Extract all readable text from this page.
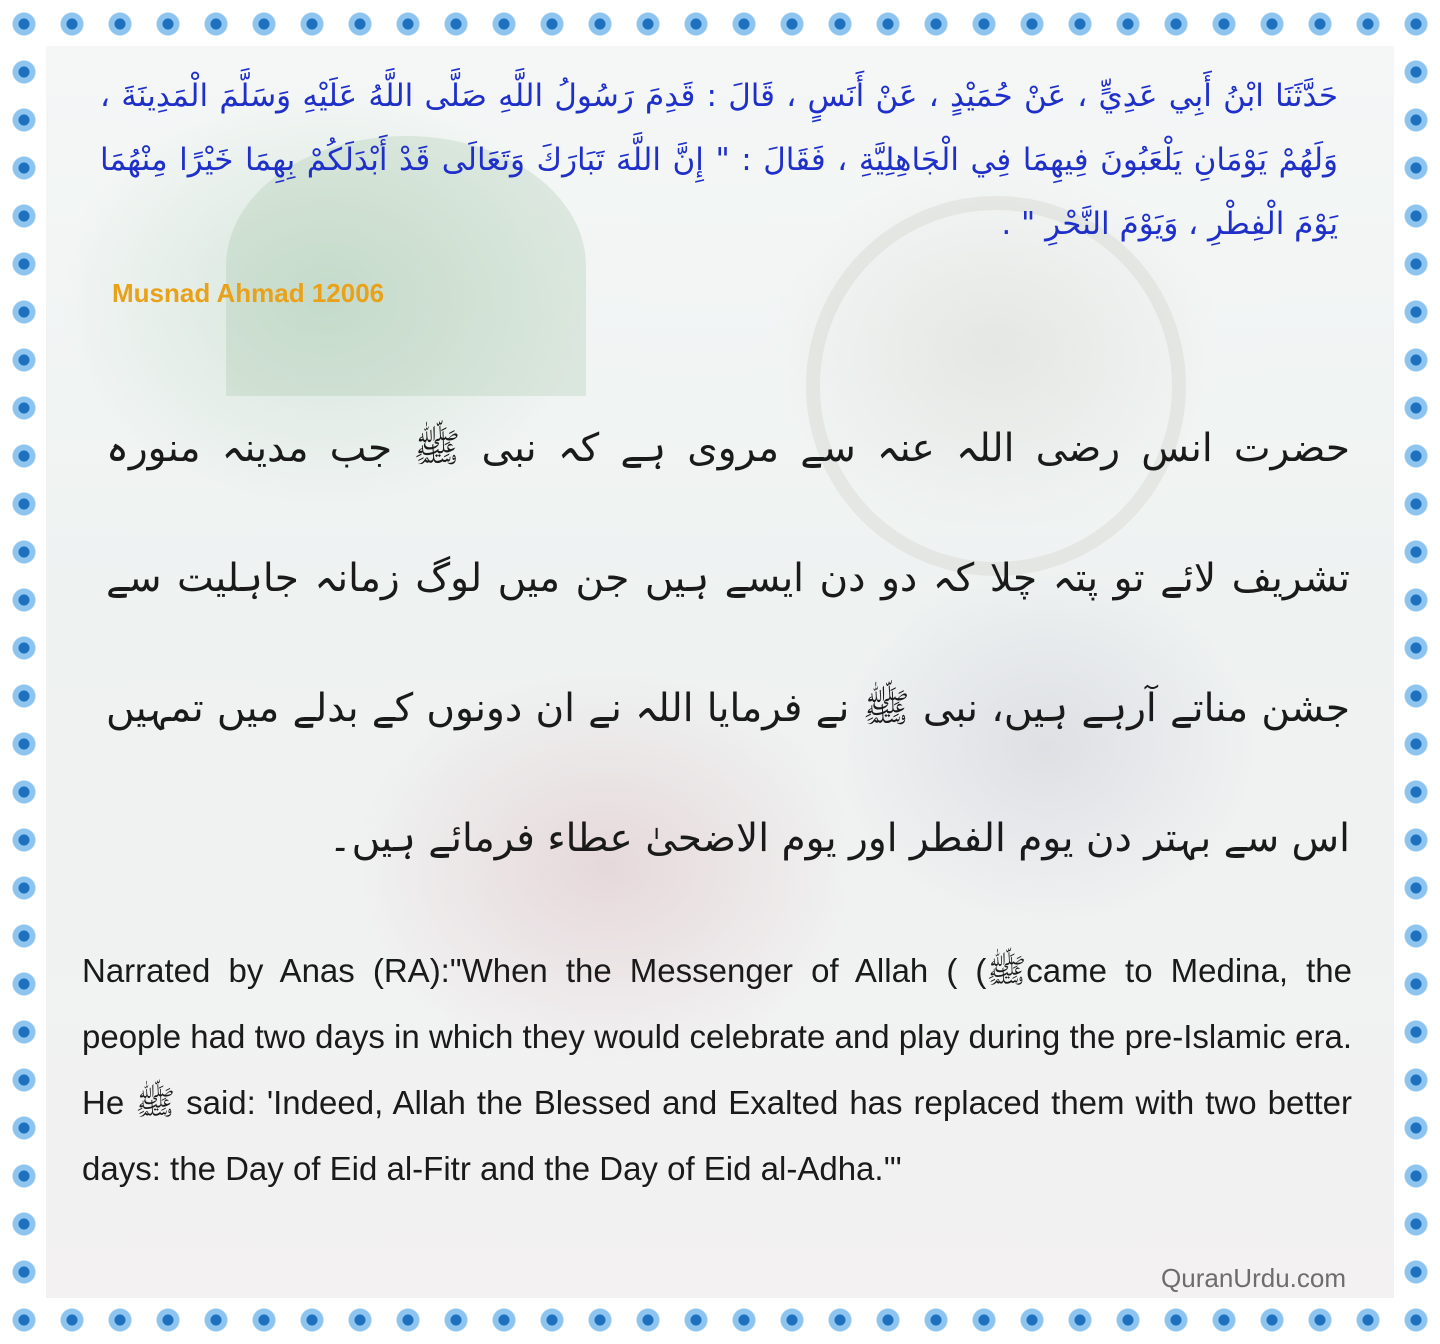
حَدَّثَنَا ابْنُ أَبِي عَدِيٍّ ، عَنْ حُمَيْدٍ ، عَنْ أَنَسٍ ، قَالَ : قَدِمَ رَسُولُ اللَّهِ صَلَّى اللَّهُ عَلَيْهِ وَسَلَّمَ الْمَدِينَةَ ، وَلَهُمْ يَوْمَانِ يَلْعَبُونَ فِيهِمَا فِي الْجَاهِلِيَّةِ ، فَقَالَ : " إِنَّ اللَّهَ تَبَارَكَ وَتَعَالَى قَدْ أَبْدَلَكُمْ بِهِمَا خَيْرًا مِنْهُمَا يَوْمَ الْفِطْرِ ، وَيَوْمَ النَّحْرِ " .

Musnad Ahmad 12006

حضرت انس رضی اللہ عنہ سے مروی ہے کہ نبی ﷺ جب مدینہ منورہ تشریف لائے تو پتہ چلا کہ دو دن ایسے ہیں جن میں لوگ زمانہ جاہلیت سے جشن مناتے آرہے ہیں، نبی ﷺ نے فرمایا اللہ نے ان دونوں کے بدلے میں تمہیں اس سے بہتر دن یوم الفطر اور یوم الاضحیٰ عطاء فرمائے ہیں۔

Narrated by Anas (RA):"When the Messenger of Allah ( (ﷺcame to Medina, the people had two days in which they would celebrate and play during the pre-Islamic era. He ﷺ said: 'Indeed, Allah the Blessed and Exalted has replaced them with two better days: the Day of Eid al-Fitr and the Day of Eid al-Adha.'"

QuranUrdu.com
